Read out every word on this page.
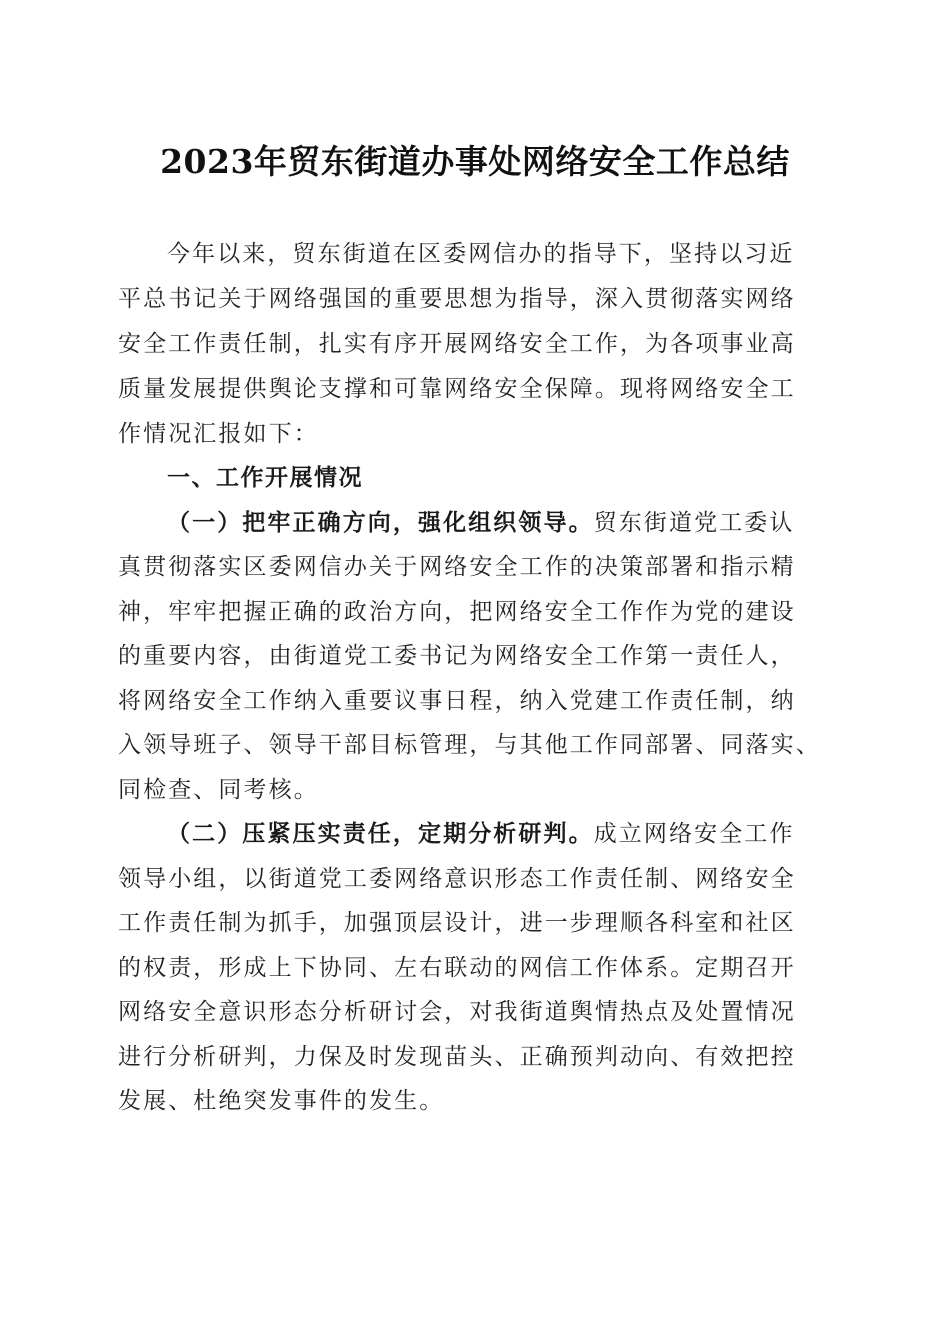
2023年贸东街道办事处网络安全工作总结
今年以来，贸东街道在区委网信办的指导下，坚持以习近
平总书记关于网络强国的重要思想为指导，深入贯彻落实网络
安全工作责任制，扎实有序开展网络安全工作，为各项事业高
质量发展提供舆论支撑和可靠网络安全保障。现将网络安全工
作情况汇报如下：
一、工作开展情况
（一）把牢正确方向，强化组织领导。贸东街道党工委认
真贯彻落实区委网信办关于网络安全工作的决策部署和指示精
神，牢牢把握正确的政治方向，把网络安全工作作为党的建设
的重要内容，由街道党工委书记为网络安全工作第一责任人，
将网络安全工作纳入重要议事日程，纳入党建工作责任制，纳
入领导班子、领导干部目标管理，与其他工作同部署、同落实、
同检查、同考核。
（二）压紧压实责任，定期分析研判。成立网络安全工作
领导小组，以街道党工委网络意识形态工作责任制、网络安全
工作责任制为抓手，加强顶层设计，进一步理顺各科室和社区
的权责，形成上下协同、左右联动的网信工作体系。定期召开
网络安全意识形态分析研讨会，对我街道舆情热点及处置情况
进行分析研判，力保及时发现苗头、正确预判动向、有效把控
发展、杜绝突发事件的发生。
